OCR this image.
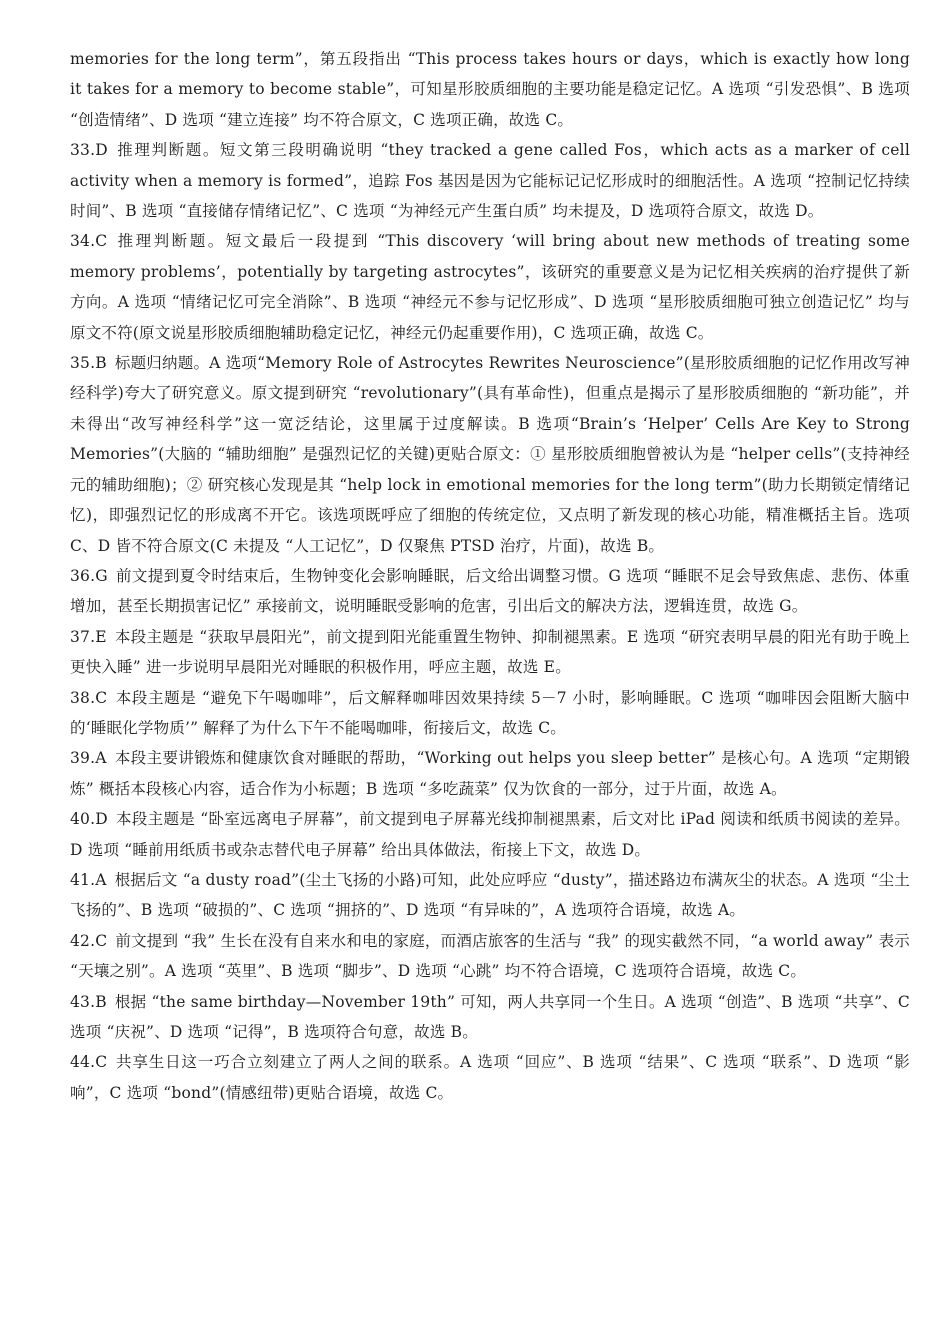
memories for the long term”，第五段指出 “This process takes hours or days，which is exactly how long it takes for a memory to become stable”，可知星形胶质细胞的主要功能是稳定记忆。A 选项 “引发恐惧”、B 选项 “创造情绪”、D 选项 “建立连接” 均不符合原文，C 选项正确，故选 C。

33.D 推理判断题。短文第三段明确说明 “they tracked a gene called Fos，which acts as a marker of cell activity when a memory is formed”，追踪 Fos 基因是因为它能标记记忆形成时的细胞活性。A 选项 “控制记忆持续时间”、B 选项 “直接储存情绪记忆”、C 选项 “为神经元产生蛋白质” 均未提及，D 选项符合原文，故选 D。

34.C 推理判断题。短文最后一段提到 “This discovery ‘will bring about new methods of treating some memory problems’，potentially by targeting astrocytes”，该研究的重要意义是为记忆相关疾病的治疗提供了新方向。A 选项 “情绪记忆可完全消除”、B 选项 “神经元不参与记忆形成”、D 选项 “星形胶质细胞可独立创造记忆” 均与原文不符(原文说星形胶质细胞辅助稳定记忆，神经元仍起重要作用)，C 选项正确，故选 C。

35.B 标题归纳题。A 选项“Memory Role of Astrocytes Rewrites Neuroscience”(星形胶质细胞的记忆作用改写神经科学)夸大了研究意义。原文提到研究 “revolutionary”(具有革命性)，但重点是揭示了星形胶质细胞的 “新功能”，并未得出“改写神经科学”这一宽泛结论，这里属于过度解读。B 选项“Brain’s ‘Helper’ Cells Are Key to Strong Memories”(大脑的 “辅助细胞” 是强烈记忆的关键)更贴合原文：① 星形胶质细胞曾被认为是 “helper cells”(支持神经元的辅助细胞)；② 研究核心发现是其 “help lock in emotional memories for the long term”(助力长期锁定情绪记忆)，即强烈记忆的形成离不开它。该选项既呼应了细胞的传统定位，又点明了新发现的核心功能，精准概括主旨。选项 C、D 皆不符合原文(C 未提及 “人工记忆”，D 仅聚焦 PTSD 治疗，片面)，故选 B。

36.G 前文提到夏令时结束后，生物钟变化会影响睡眠，后文给出调整习惯。G 选项 “睡眠不足会导致焦虑、悲伤、体重增加，甚至长期损害记忆” 承接前文，说明睡眠受影响的危害，引出后文的解决方法，逻辑连贯，故选 G。

37.E 本段主题是 “获取早晨阳光”，前文提到阳光能重置生物钟、抑制褪黑素。E 选项 “研究表明早晨的阳光有助于晚上更快入睡” 进一步说明早晨阳光对睡眠的积极作用，呼应主题，故选 E。

38.C 本段主题是 “避免下午喝咖啡”，后文解释咖啡因效果持续 5－7 小时，影响睡眠。C 选项 “咖啡因会阻断大脑中的‘睡眠化学物质’” 解释了为什么下午不能喝咖啡，衔接后文，故选 C。

39.A 本段主要讲锻炼和健康饮食对睡眠的帮助，“Working out helps you sleep better” 是核心句。A 选项 “定期锻炼” 概括本段核心内容，适合作为小标题；B 选项 “多吃蔬菜” 仅为饮食的一部分，过于片面，故选 A。

40.D 本段主题是 “卧室远离电子屏幕”，前文提到电子屏幕光线抑制褪黑素，后文对比 iPad 阅读和纸质书阅读的差异。D 选项 “睡前用纸质书或杂志替代电子屏幕” 给出具体做法，衔接上下文，故选 D。

41.A 根据后文 “a dusty road”(尘土飞扬的小路)可知，此处应呼应 “dusty”，描述路边布满灰尘的状态。A 选项 “尘土飞扬的”、B 选项 “破损的”、C 选项 “拥挤的”、D 选项 “有异味的”，A 选项符合语境，故选 A。

42.C 前文提到 “我” 生长在没有自来水和电的家庭，而酒店旅客的生活与 “我” 的现实截然不同，“a world away” 表示 “天壤之别”。A 选项 “英里”、B 选项 “脚步”、D 选项 “心跳” 均不符合语境，C 选项符合语境，故选 C。

43.B 根据 “the same birthday—November 19th” 可知，两人共享同一个生日。A 选项 “创造”、B 选项 “共享”、C 选项 “庆祝”、D 选项 “记得”，B 选项符合句意，故选 B。

44.C 共享生日这一巧合立刻建立了两人之间的联系。A 选项 “回应”、B 选项 “结果”、C 选项 “联系”、D 选项 “影响”，C 选项 “bond”(情感纽带)更贴合语境，故选 C。
